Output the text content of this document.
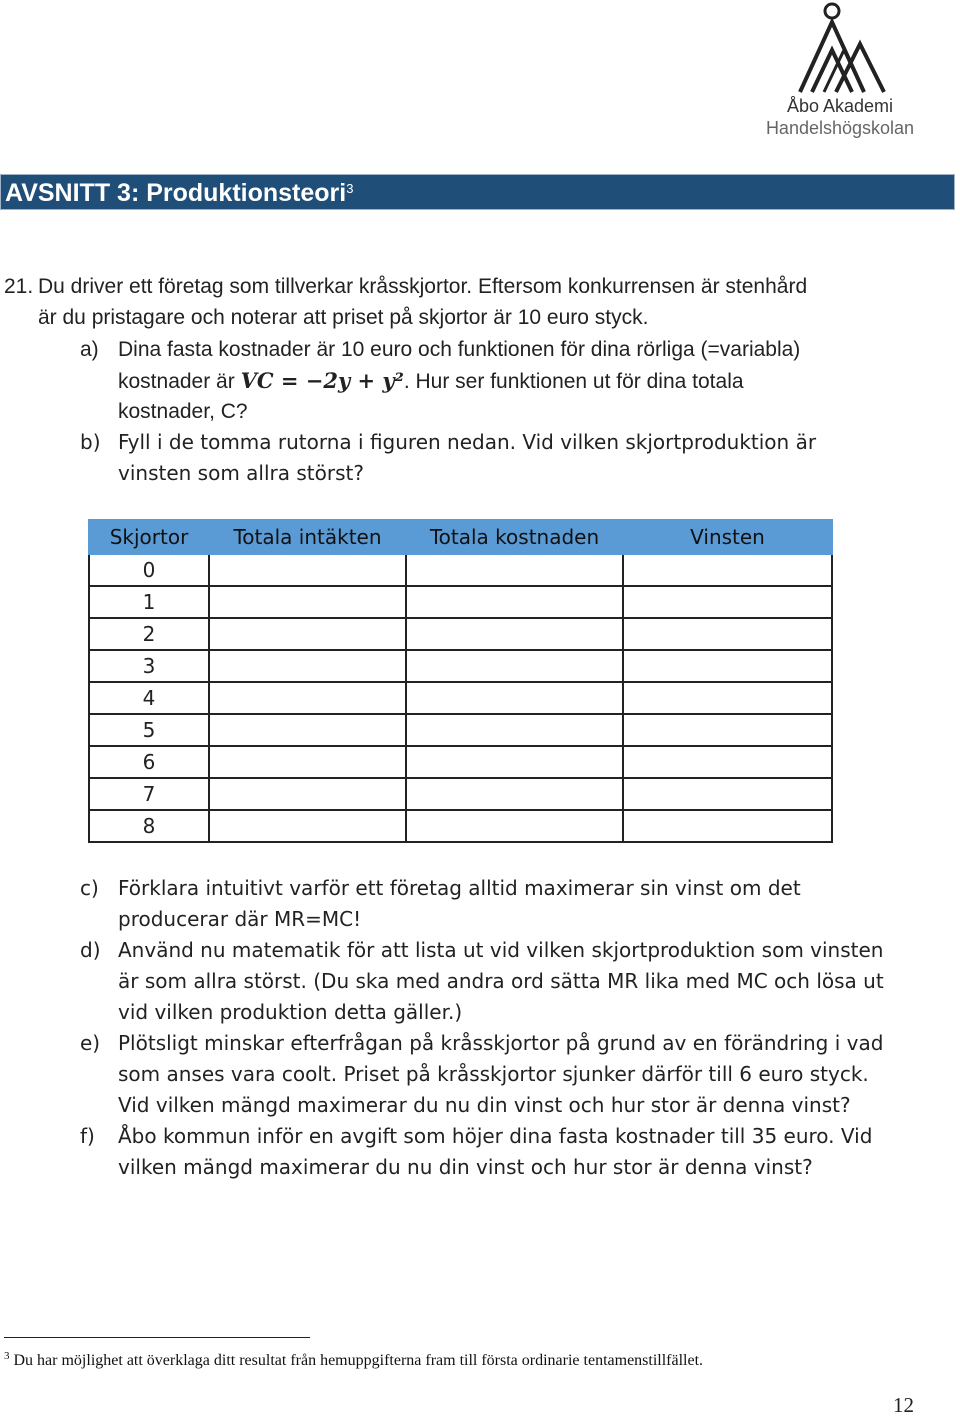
Åbo Akademi
Handelshögskolan
AVSNITT 3: Produktionsteori$^3$
21. Du driver ett företag som tillverkar kråsskjortor. Eftersom konkurrensen är stenhård
är du pristagare och noterar att priset på skjortor är 10 euro styck.
a) Dina fasta kostnader är 10 euro och funktionen för dina rörliga (=variabla)
kostnader är VC = −2y + y². Hur ser funktionen ut för dina totala
kostnader, C?
b) Fyll i de tomma rutorna i figuren nedan. Vid vilken skjortproduktion är
vinsten som allra störst?
Skjortor	Totala intäkten	Totala kostnaden	Vinsten
0			
1			
2			
3			
4			
5			
6			
7			
8			
c) Förklara intuitivt varför ett företag alltid maximerar sin vinst om det
producerar där MR=MC!
d) Använd nu matematik för att lista ut vid vilken skjortproduktion som vinsten
är som allra störst. (Du ska med andra ord sätta MR lika med MC och lösa ut
vid vilken produktion detta gäller.)
e) Plötsligt minskar efterfrågan på kråsskjortor på grund av en förändring i vad
som anses vara coolt. Priset på kråsskjortor sjunker därför till 6 euro styck.
Vid vilken mängd maximerar du nu din vinst och hur stor är denna vinst?
f) Åbo kommun inför en avgift som höjer dina fasta kostnader till 35 euro. Vid
vilken mängd maximerar du nu din vinst och hur stor är denna vinst?
$^3$ Du har möjlighet att överklaga ditt resultat från hemuppgifterna fram till första ordinarie tentamenstillfället.
12
